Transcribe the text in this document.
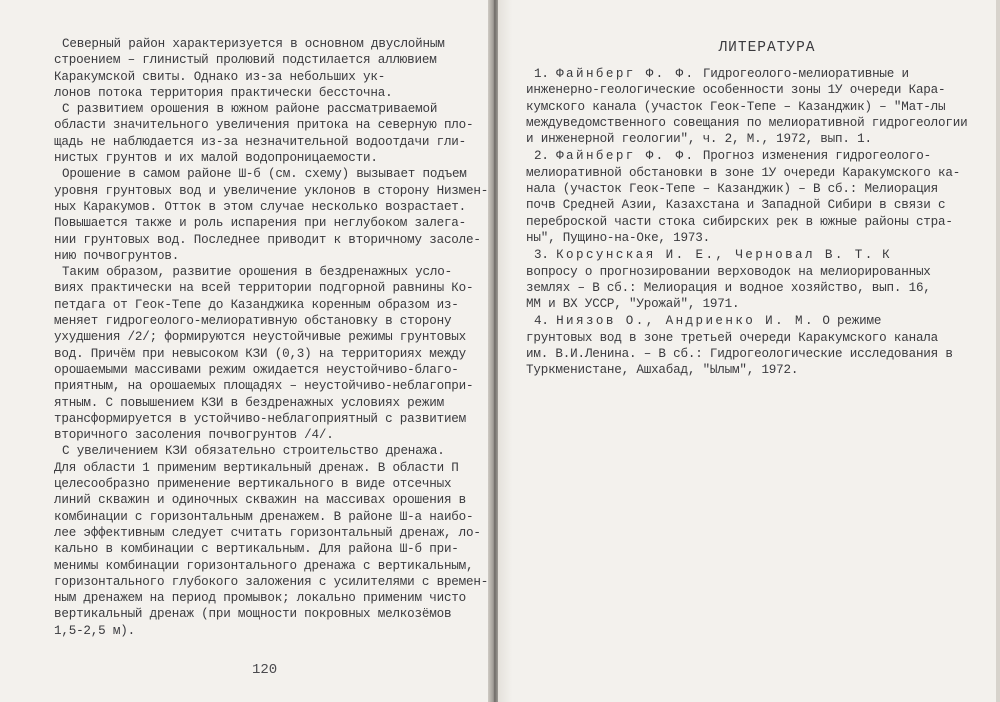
Северный район характеризуется в основном двуслойным
строением – глинистый пролювий подстилается аллювием
Каракумской свиты. Однако из-за небольших ук-
лонов потока территория практически бессточна.

С развитием орошения в южном районе рассматриваемой
области значительного увеличения притока на северную пло-
щадь не наблюдается из-за незначительной водоотдачи гли-
нистых грунтов и их малой водопроницаемости.

Орошение в самом районе Ш-б (см. схему) вызывает подъем
уровня грунтовых вод и увеличение уклонов в сторону Низмен-
ных Каракумов. Отток в этом случае несколько возрастает.
Повышается также и роль испарения при неглубоком залега-
нии грунтовых вод. Последнее приводит к вторичному засоле-
нию почвогрунтов.

Таким образом, развитие орошения в бездренажных усло-
виях практически на всей территории подгорной равнины Ко-
петдага от Геок-Тепе до Казанджика коренным образом из-
меняет гидрогеолого-мелиоративную обстановку в сторону
ухудшения /2/; формируются неустойчивые режимы грунтовых
вод. Причём при невысоком КЗИ (0,3) на территориях между
орошаемыми массивами режим ожидается неустойчиво-благо-
приятным, на орошаемых площадях – неустойчиво-неблагопри-
ятным. С повышением КЗИ в бездренажных условиях режим
трансформируется в устойчиво-неблагоприятный с развитием
вторичного засоления почвогрунтов /4/.

С увеличением КЗИ обязательно строительство дренажа.
Для области 1 применим вертикальный дренаж. В области П
целесообразно применение вертикального в виде отсечных
линий скважин и одиночных скважин на массивах орошения в
комбинации с горизонтальным дренажем. В районе Ш-а наибо-
лее эффективным следует считать горизонтальный дренаж, ло-
кально в комбинации с вертикальным. Для района Ш-б при-
менимы комбинации горизонтального дренажа с вертикальным,
горизонтального глубокого заложения с усилителями с времен-
ным дренажем на период промывок; локально применим чисто
вертикальный дренаж (при мощности покровных мелкозёмов
1,5-2,5 м).

120
ЛИТЕРАТУРА
1. Файнберг Ф. Ф. Гидрогеолого-мелиоративные и
инженерно-геологические особенности зоны 1У очереди Кара-
кумского канала (участок Геок-Тепе – Казанджик) – "Мат-лы
междуведомственного совещания по мелиоративной гидрогеологии
и инженерной геологии", ч. 2, М., 1972, вып. 1.
2. Файнберг Ф. Ф. Прогноз изменения гидрогеолого-
мелиоративной обстановки в зоне 1У очереди Каракумского ка-
нала (участок Геок-Тепе – Казанджик) – В сб.: Мелиорация
почв Средней Азии, Казахстана и Западной Сибири в связи с
переброской части стока сибирских рек в южные районы стра-
ны", Пущино-на-Оке, 1973.
3. Корсунская И. Е., Черновал В. Т. К
вопросу о прогнозировании верховодок на мелиорированных
землях – В сб.: Мелиорация и водное хозяйство, вып. 16,
ММ и ВХ УССР, "Урожай", 1971.
4. Ниязов О., Андриенко И. М. О режиме
грунтовых вод в зоне третьей очереди Каракумского канала
им. В.И.Ленина. – В сб.: Гидрогеологические исследования в
Туркменистане, Ашхабад, "Ылым", 1972.
